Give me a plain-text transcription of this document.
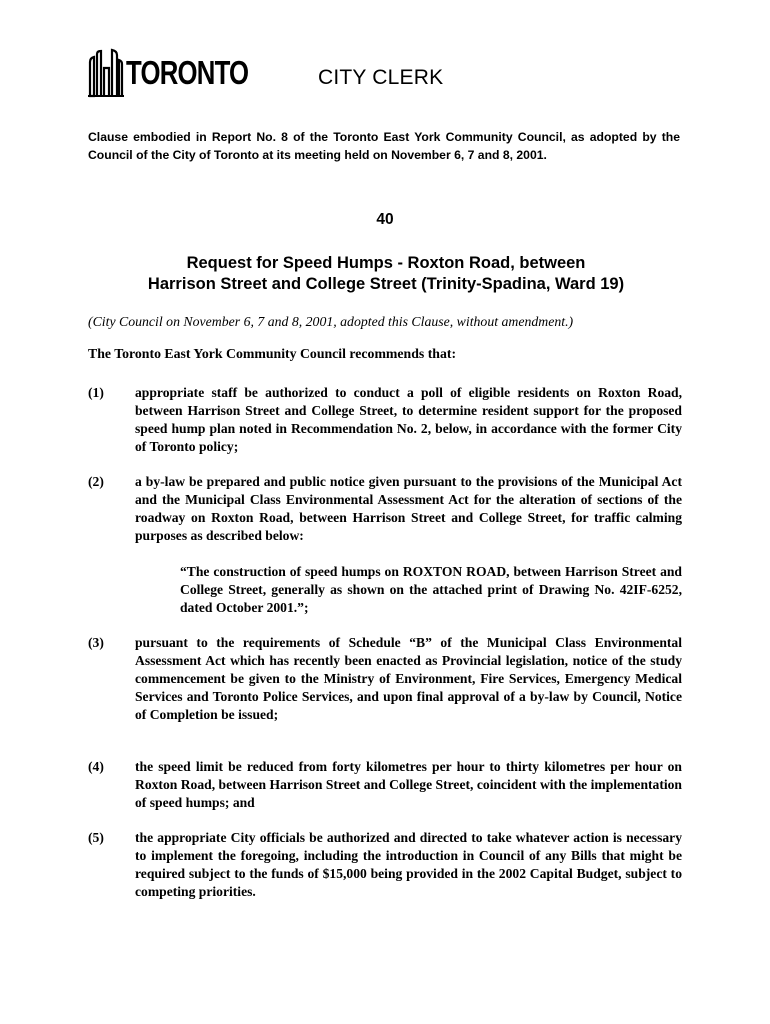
TORONTO	CITY CLERK
Clause embodied in Report No. 8 of the Toronto East York Community Council, as adopted by the Council of the City of Toronto at its meeting held on November 6, 7 and 8, 2001.
40
Request for Speed Humps - Roxton Road, between
Harrison Street and College Street (Trinity-Spadina, Ward 19)
(City Council on November 6, 7 and 8, 2001, adopted this Clause, without amendment.)
The Toronto East York Community Council recommends that:
(1) appropriate staff be authorized to conduct a poll of eligible residents on Roxton Road, between Harrison Street and College Street, to determine resident support for the proposed speed hump plan noted in Recommendation No. 2, below, in accordance with the former City of Toronto policy;
(2) a by-law be prepared and public notice given pursuant to the provisions of the Municipal Act and the Municipal Class Environmental Assessment Act for the alteration of sections of the roadway on Roxton Road, between Harrison Street and College Street, for traffic calming purposes as described below:
“The construction of speed humps on ROXTON ROAD, between Harrison Street and College Street, generally as shown on the attached print of Drawing No. 42IF-6252, dated October 2001.”;
(3) pursuant to the requirements of Schedule “B” of the Municipal Class Environmental Assessment Act which has recently been enacted as Provincial legislation, notice of the study commencement be given to the Ministry of Environment, Fire Services, Emergency Medical Services and Toronto Police Services, and upon final approval of a by-law by Council, Notice of Completion be issued;
(4) the speed limit be reduced from forty kilometres per hour to thirty kilometres per hour on Roxton Road, between Harrison Street and College Street, coincident with the implementation of speed humps; and
(5) the appropriate City officials be authorized and directed to take whatever action is necessary to implement the foregoing, including the introduction in Council of any Bills that might be required subject to the funds of $15,000 being provided in the 2002 Capital Budget, subject to competing priorities.
